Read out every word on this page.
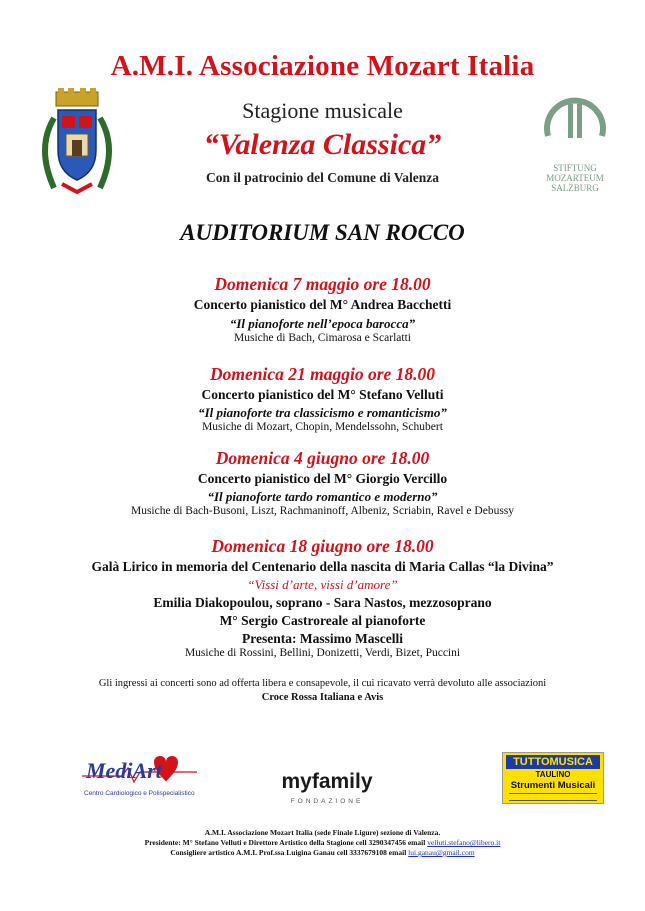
STIFTUNG
MOZARTEUM
SALZBURG
A.M.I. Associazione Mozart Italia
Stagione musicale
“Valenza Classica”
Con il patrocinio del Comune di Valenza
AUDITORIUM SAN ROCCO
Domenica 7 maggio ore 18.00
Concerto pianistico del M° Andrea Bacchetti
“Il pianoforte nell’epoca barocca”
Musiche di Bach, Cimarosa e Scarlatti
Domenica 21 maggio ore 18.00
Concerto pianistico del M° Stefano Velluti
“Il pianoforte tra classicismo e romanticismo”
Musiche di Mozart, Chopin, Mendelssohn, Schubert
Domenica 4 giugno ore 18.00
Concerto pianistico del M° Giorgio Vercillo
“Il pianoforte tardo romantico e moderno”
Musiche di Bach-Busoni, Liszt, Rachmaninoff, Albeniz, Scriabin, Ravel e Debussy
Domenica 18 giugno ore 18.00
Galà Lirico in memoria del Centenario della nascita di Maria Callas “la Divina”
“Vissi d’arte, vissi d’amore”
Emilia Diakopoulou, soprano - Sara Nastos, mezzosoprano
M° Sergio Castroreale al pianoforte
Presenta: Massimo Mascelli
Musiche di Rossini, Bellini, Donizetti, Verdi, Bizet, Puccini
Gli ingressi ai concerti sono ad offerta libera e consapevole, il cui ricavato verrà devoluto alle associazioni
Croce Rossa Italiana e Avis
MediArt
Centro Cardiologico e Polispecialistico
myfamily
FONDAZIONE
TUTTOMUSICA
TAULINO
Strumenti Musicali
A.M.I. Associazione Mozart Italia (sede Finale Ligure) sezione di Valenza.
Presidente: M° Stefano Velluti e Direttore Artistico della Stagione cell 3290347456 email velluti.stefano@libero.it
Consigliere artistico A.M.I. Prof.ssa Luigina Ganau cell 3337679108 email lui.ganau@gmail.com
